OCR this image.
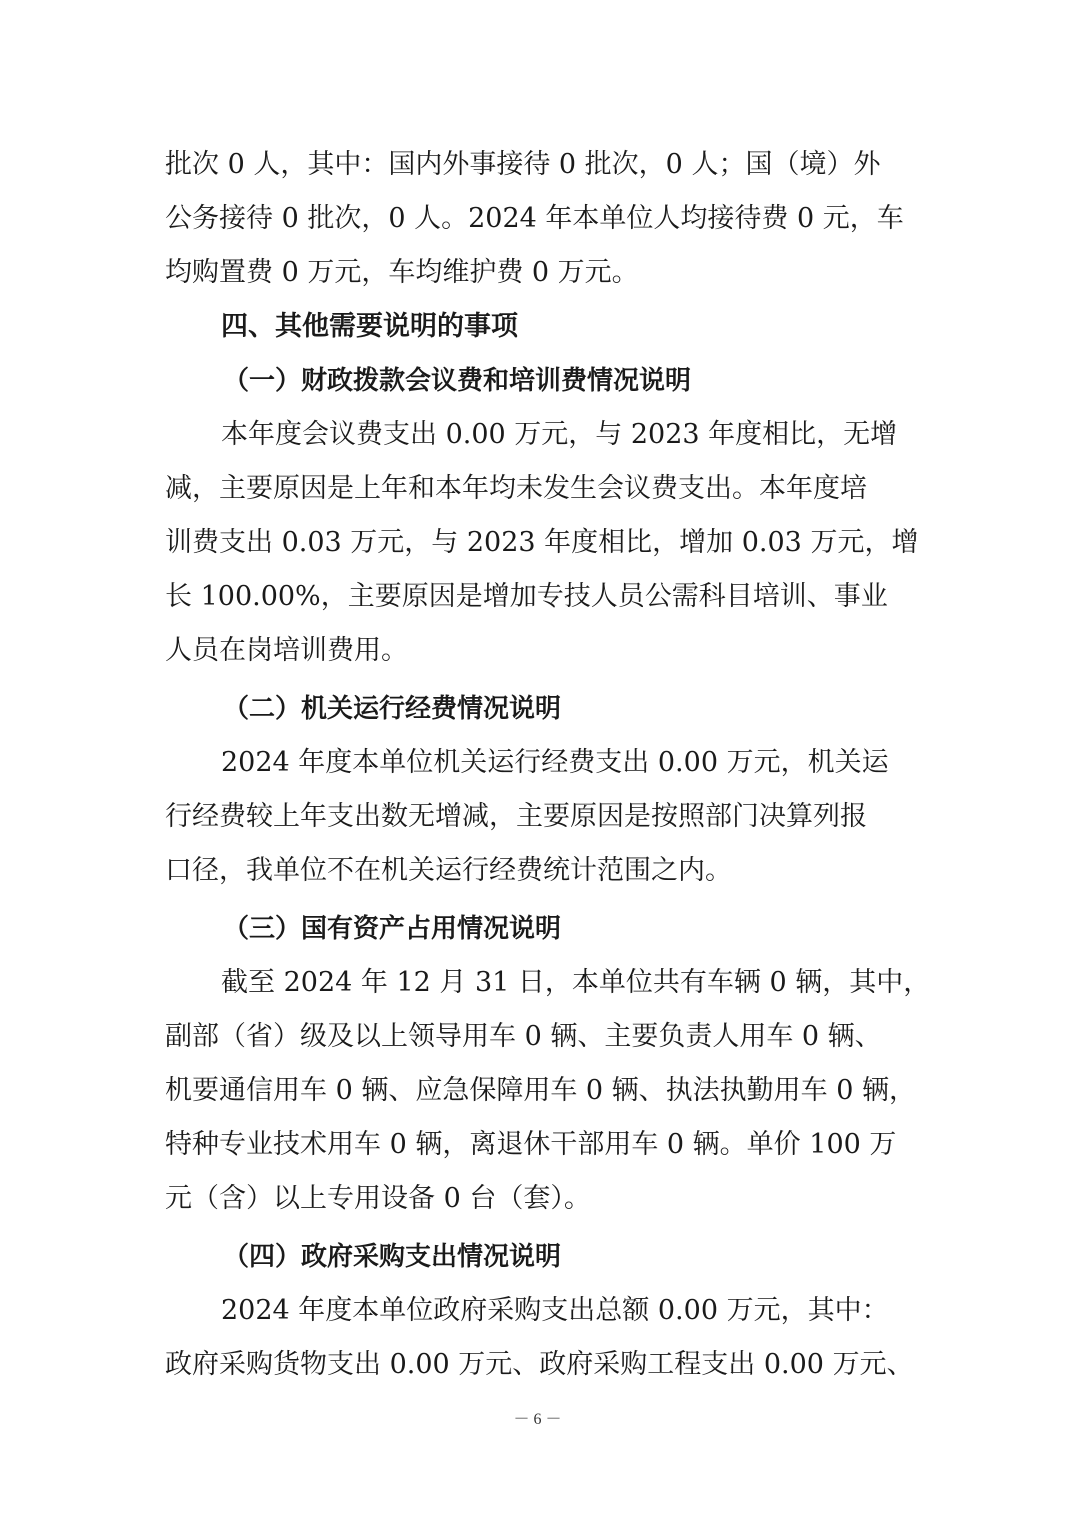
批次 0 人，其中：国内外事接待 0 批次，0 人；国（境）外
公务接待 0 批次，0 人。2024 年本单位人均接待费 0 元，车
均购置费 0 万元，车均维护费 0 万元。
四、其他需要说明的事项
（一）财政拨款会议费和培训费情况说明
本年度会议费支出 0.00 万元，与 2023 年度相比，无增
减，主要原因是上年和本年均未发生会议费支出。本年度培
训费支出 0.03 万元，与 2023 年度相比，增加 0.03 万元，增
长 100.00%，主要原因是增加专技人员公需科目培训、事业
人员在岗培训费用。
（二）机关运行经费情况说明
2024 年度本单位机关运行经费支出 0.00 万元，机关运
行经费较上年支出数无增减，主要原因是按照部门决算列报
口径，我单位不在机关运行经费统计范围之内。
（三）国有资产占用情况说明
截至 2024 年 12 月 31 日，本单位共有车辆 0 辆，其中，
副部（省）级及以上领导用车 0 辆、主要负责人用车 0 辆、
机要通信用车 0 辆、应急保障用车 0 辆、执法执勤用车 0 辆，
特种专业技术用车 0 辆，离退休干部用车 0 辆。单价 100 万
元（含）以上专用设备 0 台（套）。
（四）政府采购支出情况说明
2024 年度本单位政府采购支出总额 0.00 万元，其中：
政府采购货物支出 0.00 万元、政府采购工程支出 0.00 万元、
－ 6 －
